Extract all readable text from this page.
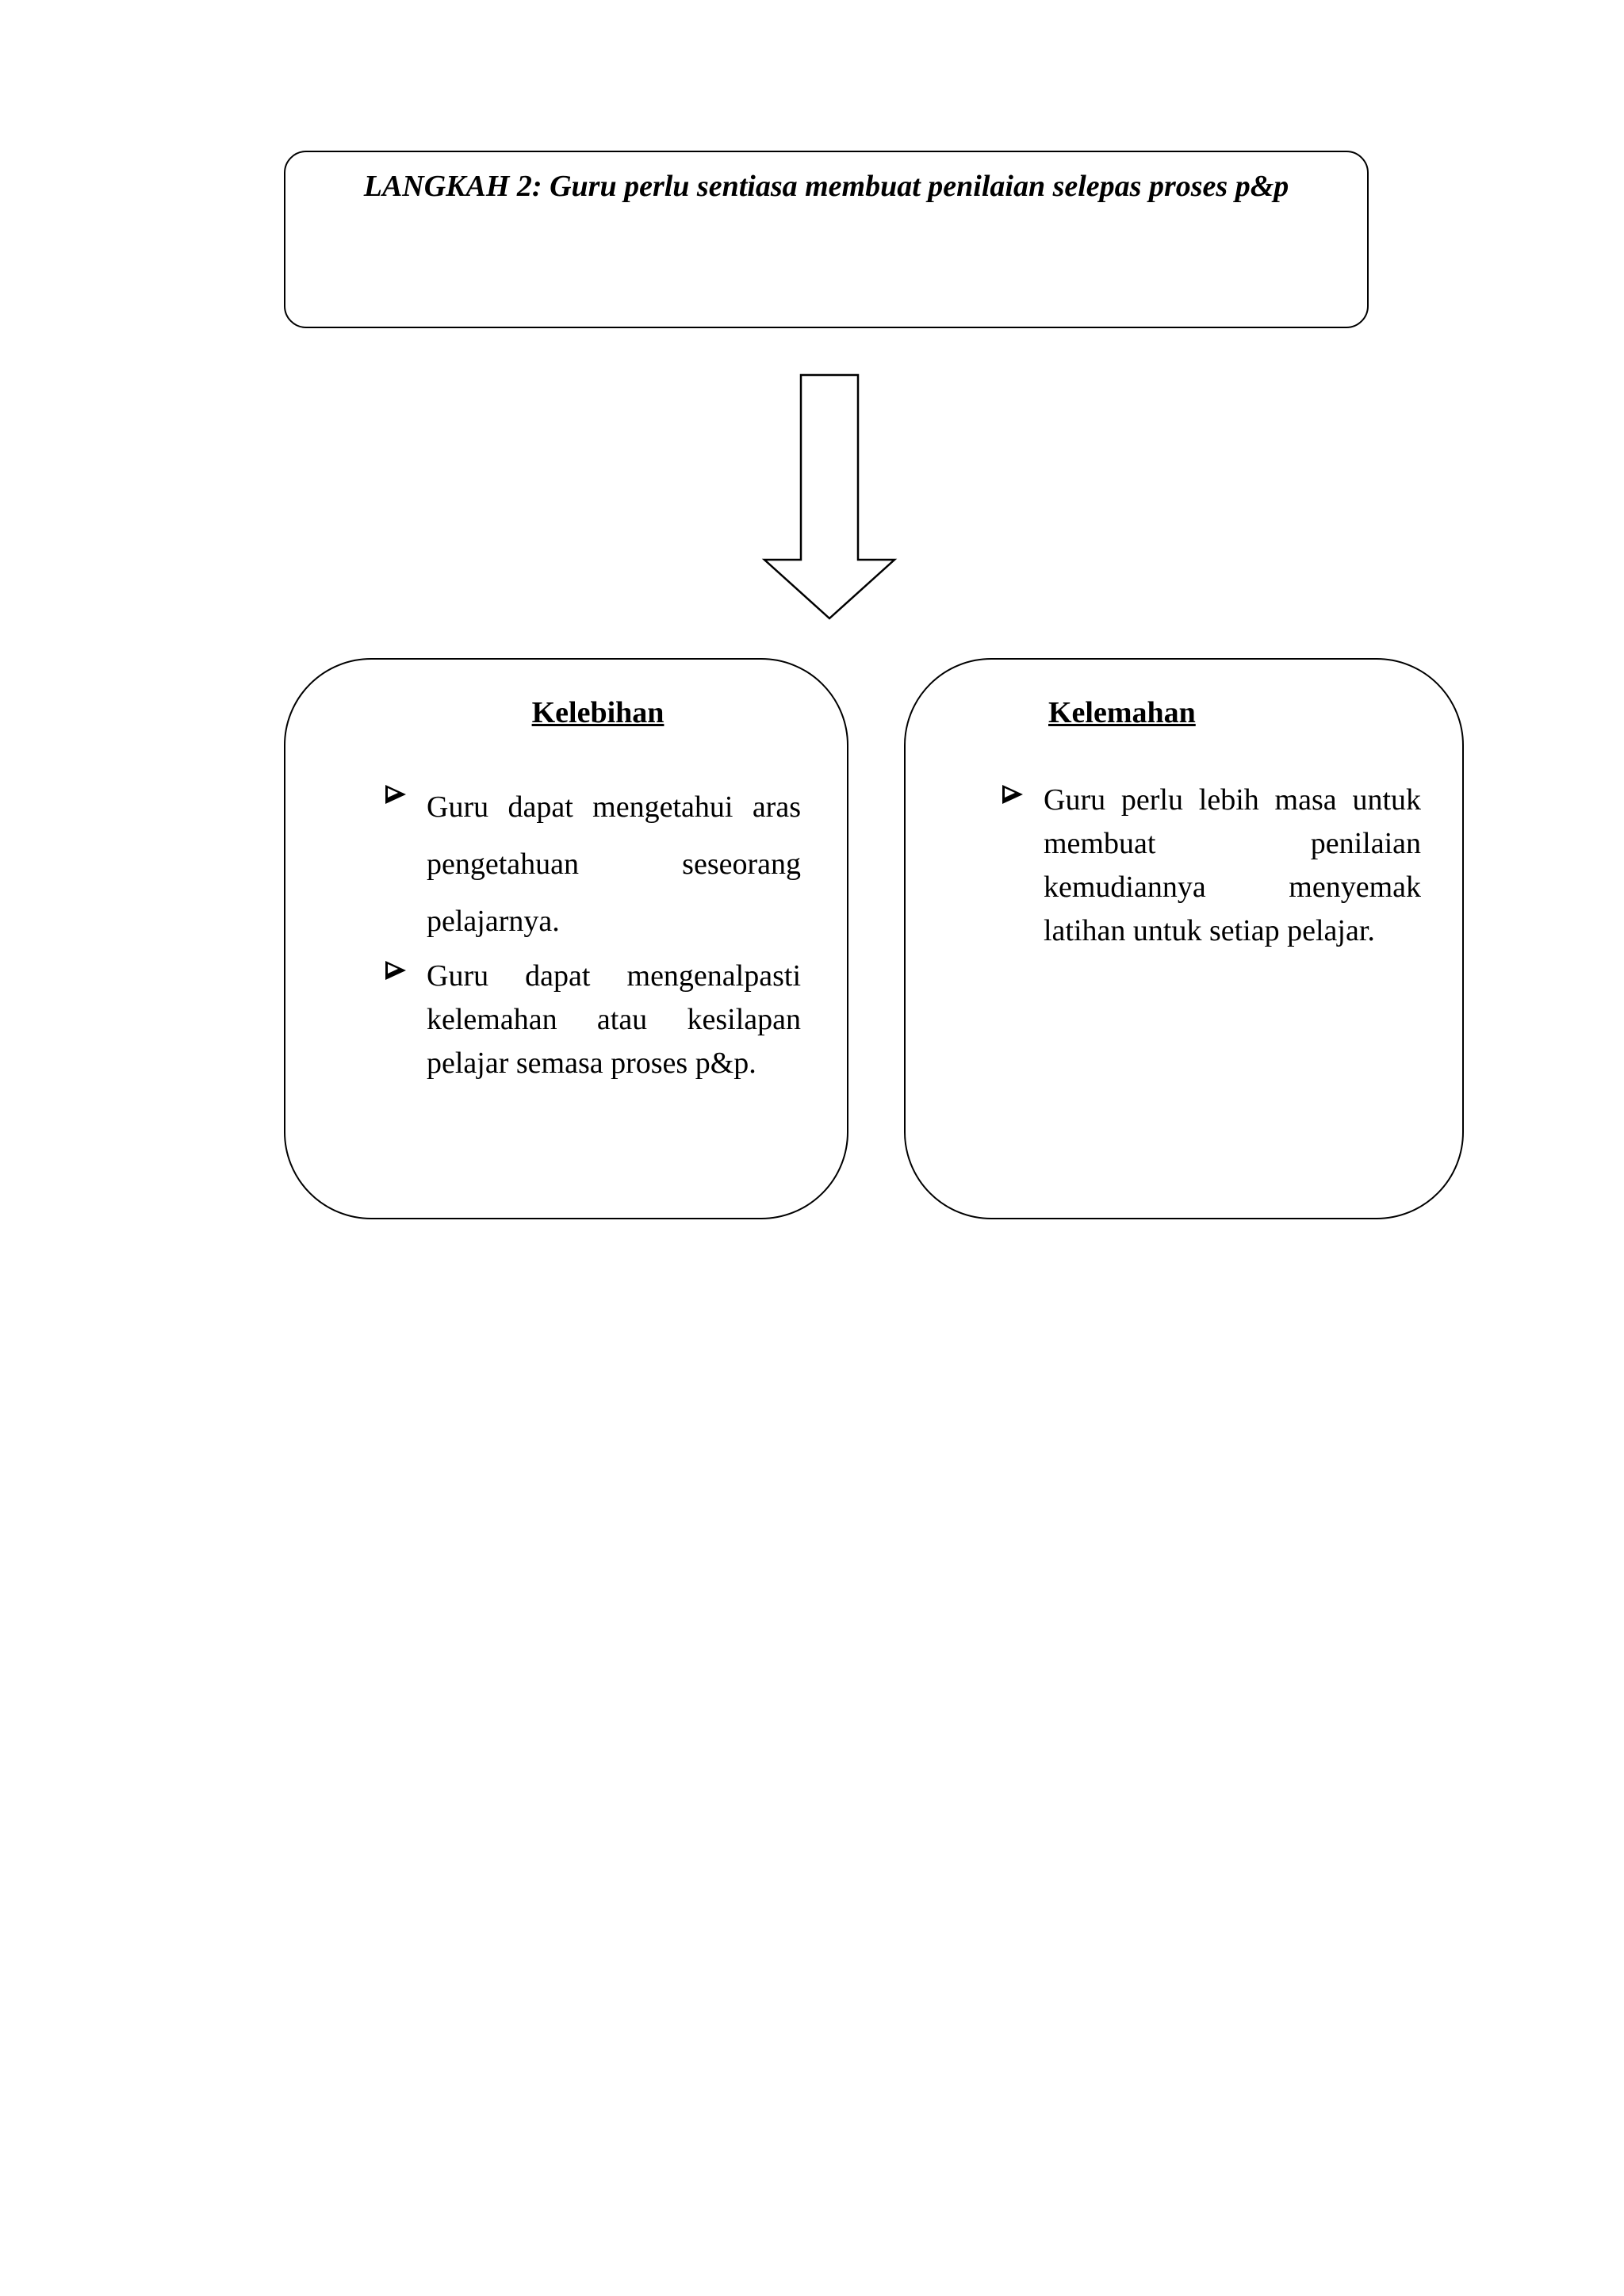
LANGKAH 2: Guru perlu sentiasa membuat penilaian selepas proses p&p
Kelebihan
Guru dapat mengetahui aras pengetahuan seseorang pelajarnya.
Guru dapat mengenalpasti kelemahan atau kesilapan pelajar semasa proses p&p.
Kelemahan
Guru perlu lebih masa untuk membuat penilaian kemudiannya menyemak latihan untuk setiap pelajar.
